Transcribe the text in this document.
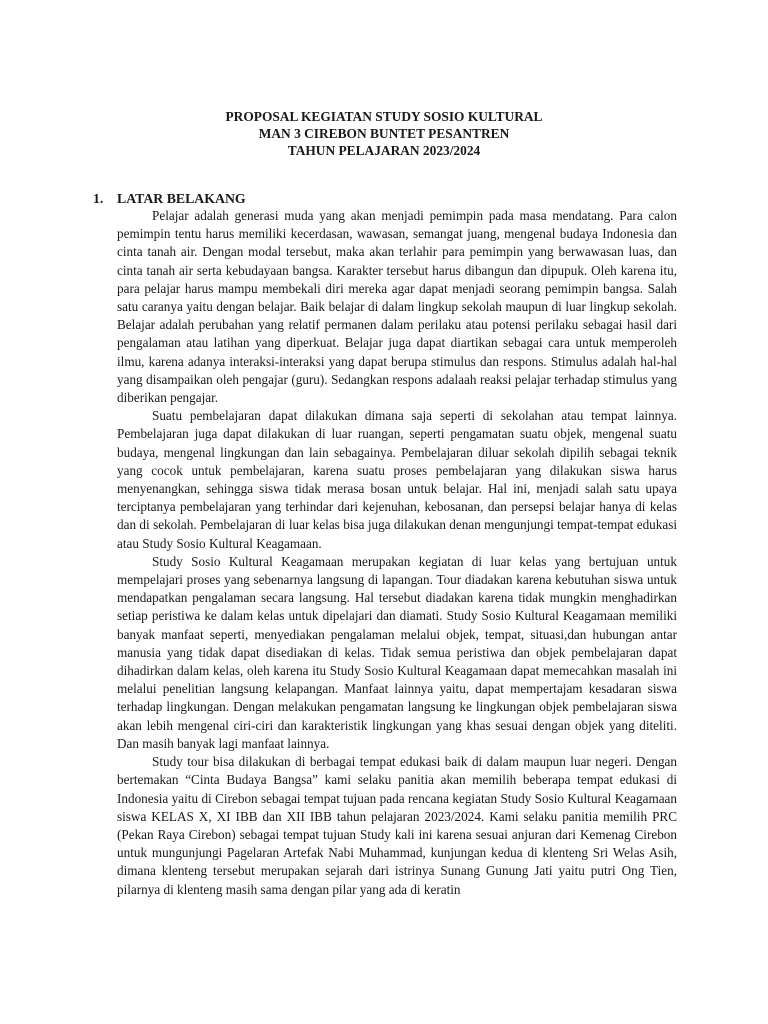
PROPOSAL KEGIATAN STUDY SOSIO KULTURAL
MAN 3 CIREBON BUNTET PESANTREN
TAHUN PELAJARAN 2023/2024
1. LATAR BELAKANG

Pelajar adalah generasi muda yang akan menjadi pemimpin pada masa mendatang. Para calon pemimpin tentu harus memiliki kecerdasan, wawasan, semangat juang, mengenal budaya Indonesia dan cinta tanah air. Dengan modal tersebut, maka akan terlahir para pemimpin yang berwawasan luas, dan cinta tanah air serta kebudayaan bangsa. Karakter tersebut harus dibangun dan dipupuk. Oleh karena itu, para pelajar harus mampu membekali diri mereka agar dapat menjadi seorang pemimpin bangsa. Salah satu caranya yaitu dengan belajar. Baik belajar di dalam lingkup sekolah maupun di luar lingkup sekolah. Belajar adalah perubahan yang relatif permanen dalam perilaku atau potensi perilaku sebagai hasil dari pengalaman atau latihan yang diperkuat. Belajar juga dapat diartikan sebagai cara untuk memperoleh ilmu, karena adanya interaksi-interaksi yang dapat berupa stimulus dan respons. Stimulus adalah hal-hal yang disampaikan oleh pengajar (guru). Sedangkan respons adalaah reaksi pelajar terhadap stimulus yang diberikan pengajar.

Suatu pembelajaran dapat dilakukan dimana saja seperti di sekolahan atau tempat lainnya. Pembelajaran juga dapat dilakukan di luar ruangan, seperti pengamatan suatu objek, mengenal suatu budaya, mengenal lingkungan dan lain sebagainya. Pembelajaran diluar sekolah dipilih sebagai teknik yang cocok untuk pembelajaran, karena suatu proses pembelajaran yang dilakukan siswa harus menyenangkan, sehingga siswa tidak merasa bosan untuk belajar. Hal ini, menjadi salah satu upaya terciptanya pembelajaran yang terhindar dari kejenuhan, kebosanan, dan persepsi belajar hanya di kelas dan di sekolah. Pembelajaran di luar kelas bisa juga dilakukan denan mengunjungi tempat-tempat edukasi atau Study Sosio Kultural Keagamaan.

Study Sosio Kultural Keagamaan merupakan kegiatan di luar kelas yang bertujuan untuk mempelajari proses yang sebenarnya langsung di lapangan. Tour diadakan karena kebutuhan siswa untuk mendapatkan pengalaman secara langsung. Hal tersebut diadakan karena tidak mungkin menghadirkan setiap peristiwa ke dalam kelas untuk dipelajari dan diamati. Study Sosio Kultural Keagamaan memiliki banyak manfaat seperti, menyediakan pengalaman melalui objek, tempat, situasi,dan hubungan antar manusia yang tidak dapat disediakan di kelas. Tidak semua peristiwa dan objek pembelajaran dapat dihadirkan dalam kelas, oleh karena itu Study Sosio Kultural Keagamaan dapat memecahkan masalah ini melalui penelitian langsung kelapangan. Manfaat lainnya yaitu, dapat mempertajam kesadaran siswa terhadap lingkungan. Dengan melakukan pengamatan langsung ke lingkungan objek pembelajaran siswa akan lebih mengenal ciri-ciri dan karakteristik lingkungan yang khas sesuai dengan objek yang diteliti. Dan masih banyak lagi manfaat lainnya.

Study tour bisa dilakukan di berbagai tempat edukasi baik di dalam maupun luar negeri. Dengan bertemakan “Cinta Budaya Bangsa” kami selaku panitia akan memilih beberapa tempat edukasi di Indonesia yaitu di Cirebon sebagai tempat tujuan pada rencana kegiatan Study Sosio Kultural Keagamaan siswa KELAS X, XI IBB dan XII IBB tahun pelajaran 2023/2024. Kami selaku panitia memilih PRC (Pekan Raya Cirebon) sebagai tempat tujuan Study kali ini karena sesuai anjuran dari Kemenag Cirebon untuk mungunjungi Pagelaran Artefak Nabi Muhammad, kunjungan kedua di klenteng Sri Welas Asih, dimana klenteng tersebut merupakan sejarah dari istrinya Sunang Gunung Jati yaitu putri Ong Tien, pilarnya di klenteng masih sama dengan pilar yang ada di keratin
